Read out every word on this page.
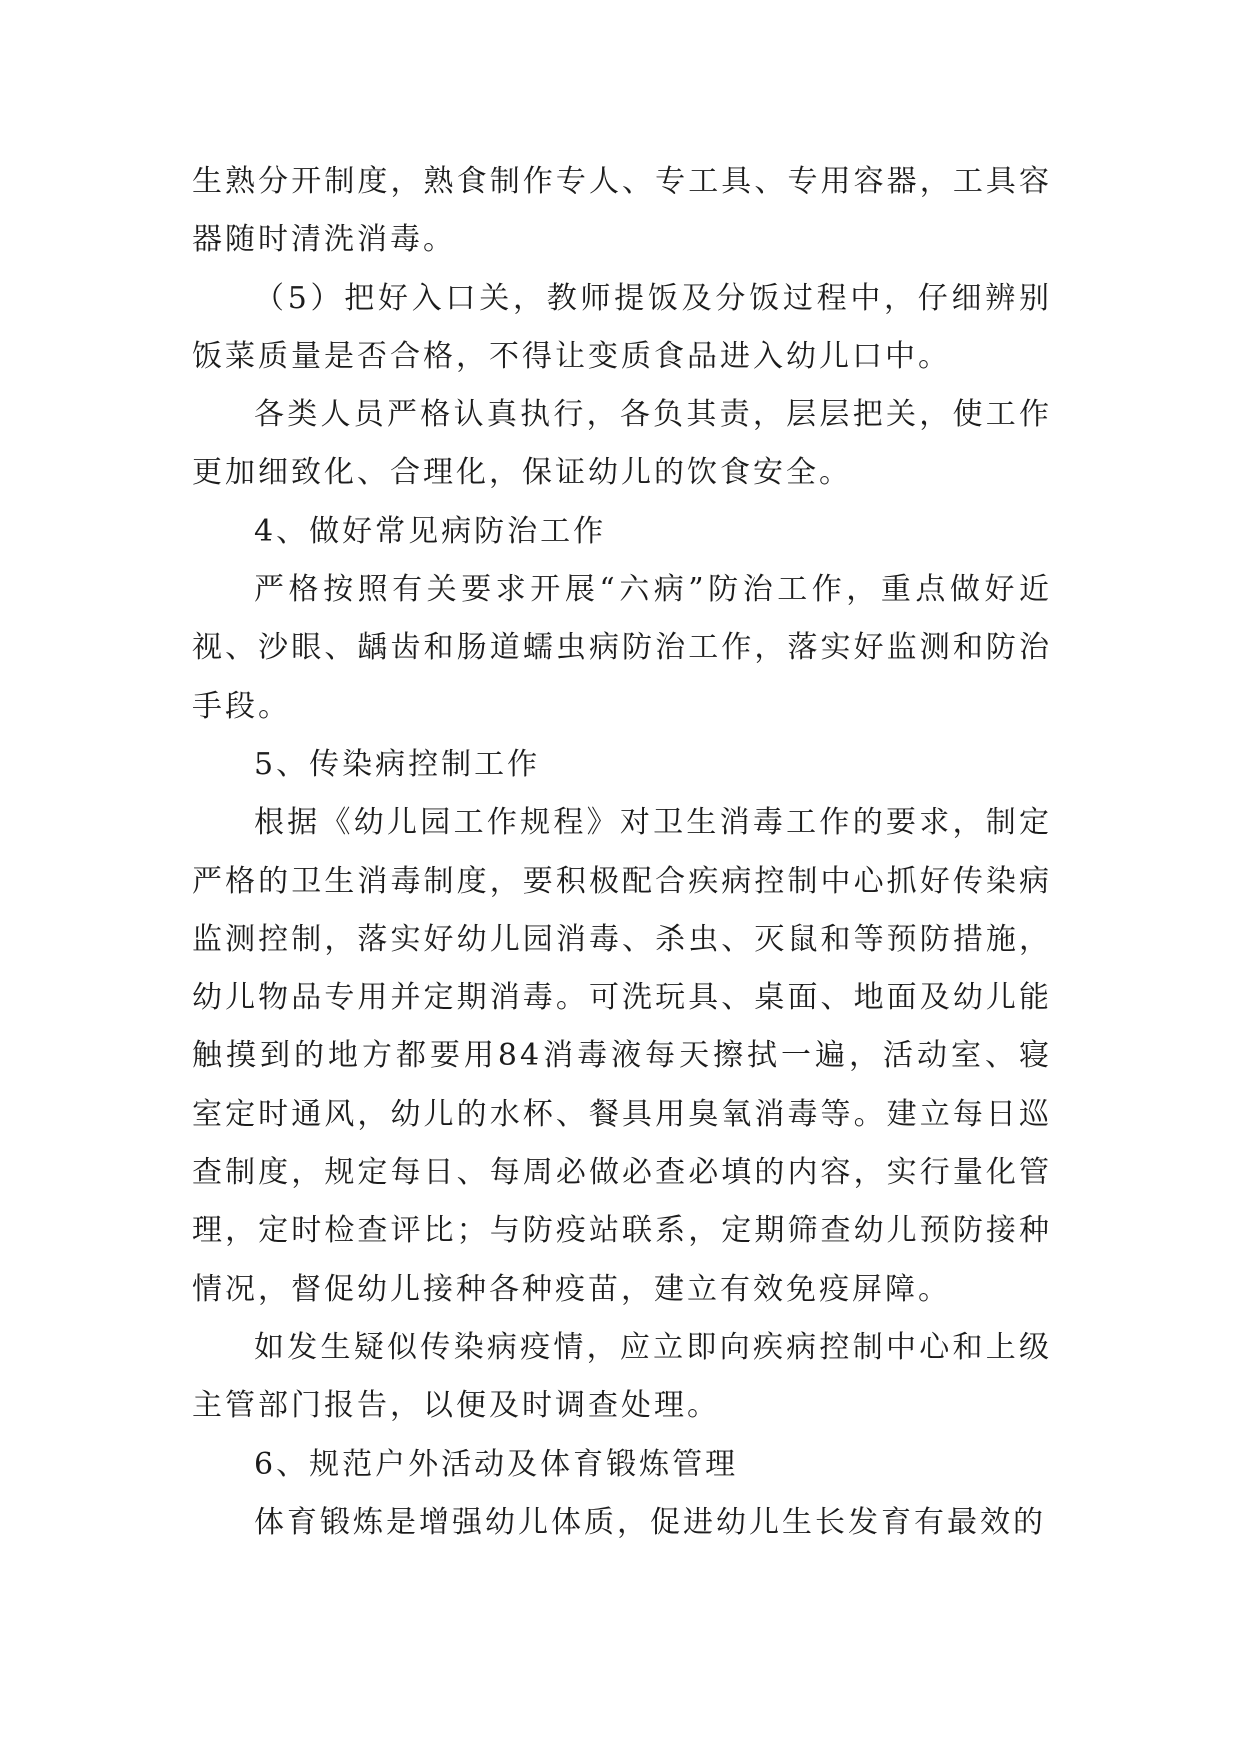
生熟分开制度，熟食制作专人、专工具、专用容器，工具容器随时清洗消毒。

（5）把好入口关，教师提饭及分饭过程中，仔细辨别饭菜质量是否合格，不得让变质食品进入幼儿口中。

各类人员严格认真执行，各负其责，层层把关，使工作更加细致化、合理化，保证幼儿的饮食安全。

4、做好常见病防治工作

严格按照有关要求开展“六病”防治工作，重点做好近视、沙眼、龋齿和肠道蠕虫病防治工作，落实好监测和防治手段。

5、传染病控制工作

根据《幼儿园工作规程》对卫生消毒工作的要求，制定严格的卫生消毒制度，要积极配合疾病控制中心抓好传染病监测控制，落实好幼儿园消毒、杀虫、灭鼠和等预防措施，幼儿物品专用并定期消毒。可洗玩具、桌面、地面及幼儿能触摸到的地方都要用84消毒液每天擦拭一遍，活动室、寝室定时通风，幼儿的水杯、餐具用臭氧消毒等。建立每日巡查制度，规定每日、每周必做必查必填的内容，实行量化管理，定时检查评比；与防疫站联系，定期筛查幼儿预防接种情况，督促幼儿接种各种疫苗，建立有效免疫屏障。

如发生疑似传染病疫情，应立即向疾病控制中心和上级主管部门报告，以便及时调查处理。

6、规范户外活动及体育锻炼管理

体育锻炼是增强幼儿体质，促进幼儿生长发育有最效的
